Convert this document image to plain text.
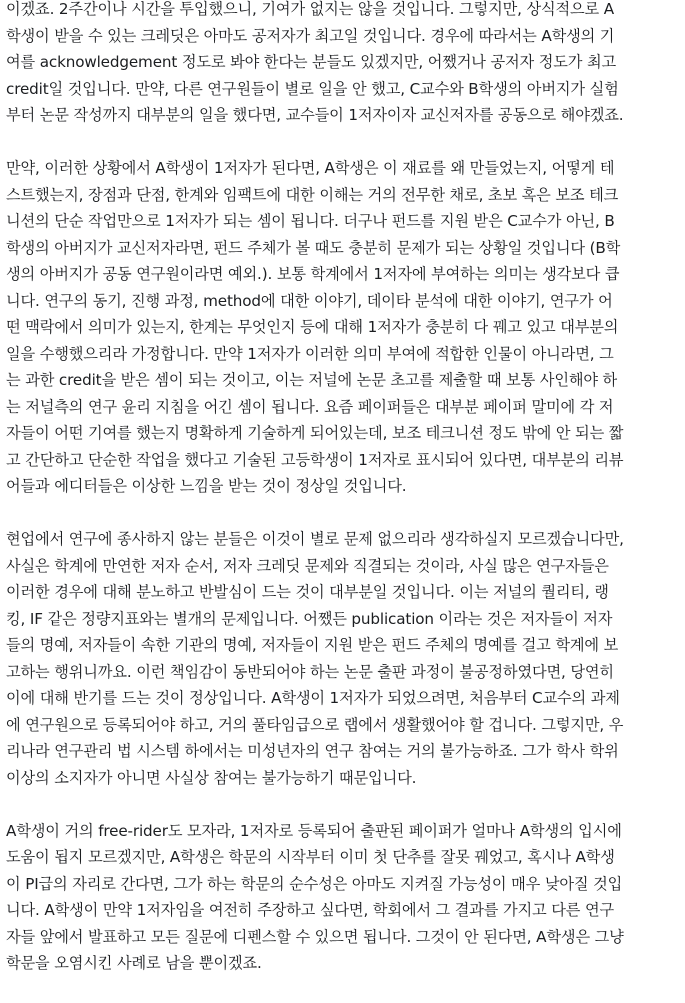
이겠죠. 2주간이나 시간을 투입했으니, 기여가 없지는 않을 것입니다. 그렇지만, 상식적으로 A
학생이 받을 수 있는 크레딧은 아마도 공저자가 최고일 것입니다. 경우에 따라서는 A학생의 기
여를 acknowledgement 정도로 봐야 한다는 분들도 있겠지만, 어쨌거나 공저자 정도가 최고
credit일 것입니다. 만약, 다른 연구원들이 별로 일을 안 했고, C교수와 B학생의 아버지가 실험
부터 논문 작성까지 대부분의 일을 했다면, 교수들이 1저자이자 교신저자를 공동으로 해야겠죠.
만약, 이러한 상황에서 A학생이 1저자가 된다면, A학생은 이 재료를 왜 만들었는지, 어떻게 테
스트했는지, 장점과 단점, 한계와 임팩트에 대한 이해는 거의 전무한 채로, 초보 혹은 보조 테크
니션의 단순 작업만으로 1저자가 되는 셈이 됩니다. 더구나 펀드를 지원 받은 C교수가 아닌, B
학생의 아버지가 교신저자라면, 펀드 주체가 볼 때도 충분히 문제가 되는 상황일 것입니다 (B학
생의 아버지가 공동 연구원이라면 예외.). 보통 학계에서 1저자에 부여하는 의미는 생각보다 큽
니다. 연구의 동기, 진행 과정, method에 대한 이야기, 데이타 분석에 대한 이야기, 연구가 어
떤 맥락에서 의미가 있는지, 한계는 무엇인지 등에 대해 1저자가 충분히 다 꿰고 있고 대부분의
일을 수행했으리라 가정합니다. 만약 1저자가 이러한 의미 부여에 적합한 인물이 아니라면, 그
는 과한 credit을 받은 셈이 되는 것이고, 이는 저널에 논문 초고를 제출할 때 보통 사인해야 하
는 저널측의 연구 윤리 지침을 어긴 셈이 됩니다. 요즘 페이퍼들은 대부분 페이퍼 말미에 각 저
자들이 어떤 기여를 했는지 명확하게 기술하게 되어있는데, 보조 테크니션 정도 밖에 안 되는 짧
고 간단하고 단순한 작업을 했다고 기술된 고등학생이 1저자로 표시되어 있다면, 대부분의 리뷰
어들과 에디터들은 이상한 느낌을 받는 것이 정상일 것입니다.
현업에서 연구에 종사하지 않는 분들은 이것이 별로 문제 없으리라 생각하실지 모르겠습니다만,
사실은 학계에 만연한 저자 순서, 저자 크레딧 문제와 직결되는 것이라, 사실 많은 연구자들은
이러한 경우에 대해 분노하고 반발심이 드는 것이 대부분일 것입니다. 이는 저널의 퀄리티, 랭
킹, IF 같은 정량지표와는 별개의 문제입니다. 어쨌든 publication 이라는 것은 저자들이 저자
들의 명예, 저자들이 속한 기관의 명예, 저자들이 지원 받은 펀드 주체의 명예를 걸고 학계에 보
고하는 행위니까요. 이런 책임감이 동반되어야 하는 논문 출판 과정이 불공정하였다면, 당연히
이에 대해 반기를 드는 것이 정상입니다. A학생이 1저자가 되었으려면, 처음부터 C교수의 과제
에 연구원으로 등록되어야 하고, 거의 풀타임급으로 랩에서 생활했어야 할 겁니다. 그렇지만, 우
리나라 연구관리 법 시스템 하에서는 미성년자의 연구 참여는 거의 불가능하죠. 그가 학사 학위
이상의 소지자가 아니면 사실상 참여는 불가능하기 때문입니다.
A학생이 거의 free-rider도 모자라, 1저자로 등록되어 출판된 페이퍼가 얼마나 A학생의 입시에
도움이 됩지 모르겠지만, A학생은 학문의 시작부터 이미 첫 단추를 잘못 꿰었고, 혹시나 A학생
이 PI급의 자리로 간다면, 그가 하는 학문의 순수성은 아마도 지켜질 가능성이 매우 낮아질 것입
니다. A학생이 만약 1저자임을 여전히 주장하고 싶다면, 학회에서 그 결과를 가지고 다른 연구
자들 앞에서 발표하고 모든 질문에 디펜스할 수 있으면 됩니다. 그것이 안 된다면, A학생은 그냥
학문을 오염시킨 사례로 남을 뿐이겠죠.
